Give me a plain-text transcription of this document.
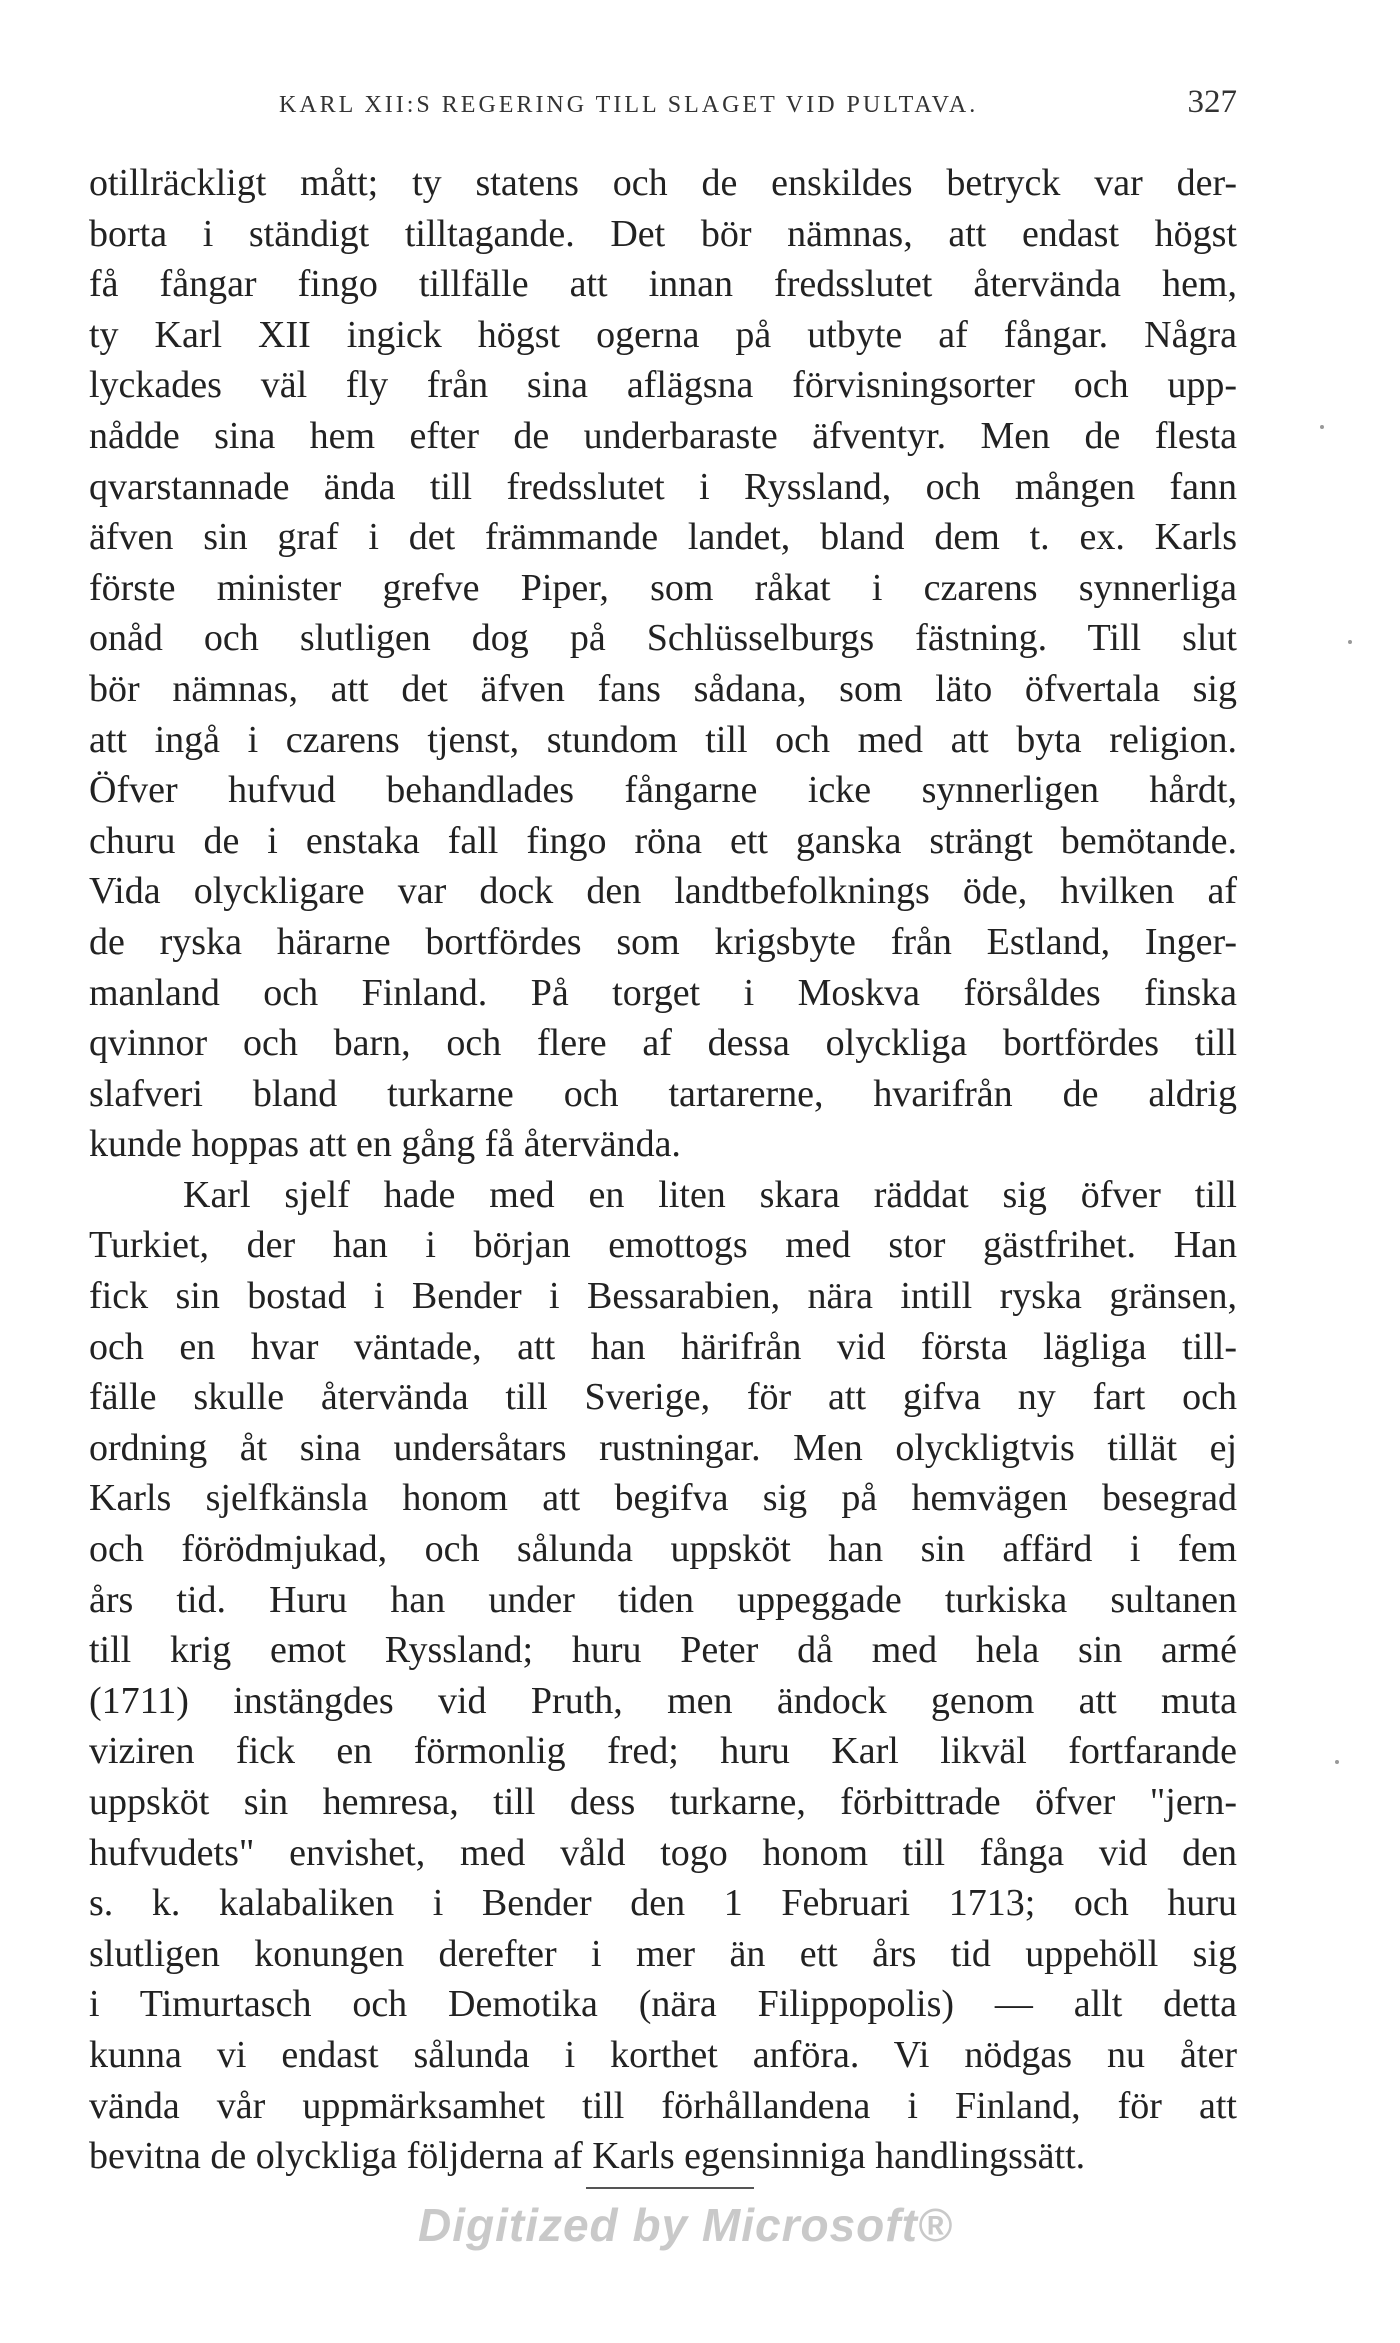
KARL XII:S REGERING TILL SLAGET VID PULTAVA.	327
otillräckligt mått; ty statens och de enskildes betryck var der-
borta i ständigt tilltagande. Det bör nämnas, att endast högst
få fångar fingo tillfälle att innan fredsslutet återvända hem,
ty Karl XII ingick högst ogerna på utbyte af fångar. Några
lyckades väl fly från sina aflägsna förvisningsorter och upp-
nådde sina hem efter de underbaraste äfventyr. Men de flesta
qvarstannade ända till fredsslutet i Ryssland, och mången fann
äfven sin graf i det främmande landet, bland dem t. ex. Karls
förste minister grefve Piper, som råkat i czarens synnerliga
onåd och slutligen dog på Schlüsselburgs fästning. Till slut
bör nämnas, att det äfven fans sådana, som läto öfvertala sig
att ingå i czarens tjenst, stundom till och med att byta religion.
Öfver hufvud behandlades fångarne icke synnerligen hårdt,
churu de i enstaka fall fingo röna ett ganska strängt bemötande.
Vida olyckligare var dock den landtbefolknings öde, hvilken af
de ryska härarne bortfördes som krigsbyte från Estland, Inger-
manland och Finland. På torget i Moskva försåldes finska
qvinnor och barn, och flere af dessa olyckliga bortfördes till
slafveri bland turkarne och tartarerne, hvarifrån de aldrig
kunde hoppas att en gång få återvända.
Karl sjelf hade med en liten skara räddat sig öfver till
Turkiet, der han i början emottogs med stor gästfrihet. Han
fick sin bostad i Bender i Bessarabien, nära intill ryska gränsen,
och en hvar väntade, att han härifrån vid första lägliga till-
fälle skulle återvända till Sverige, för att gifva ny fart och
ordning åt sina undersåtars rustningar. Men olyckligtvis tillät ej
Karls sjelfkänsla honom att begifva sig på hemvägen besegrad
och förödmjukad, och sålunda uppsköt han sin affärd i fem
års tid. Huru han under tiden uppeggade turkiska sultanen
till krig emot Ryssland; huru Peter då med hela sin armé
(1711) instängdes vid Pruth, men ändock genom att muta
viziren fick en förmonlig fred; huru Karl likväl fortfarande
uppsköt sin hemresa, till dess turkarne, förbittrade öfver "jern-
hufvudets" envishet, med våld togo honom till fånga vid den
s. k. kalabaliken i Bender den 1 Februari 1713; och huru
slutligen konungen derefter i mer än ett års tid uppehöll sig
i Timurtasch och Demotika (nära Filippopolis) — allt detta
kunna vi endast sålunda i korthet anföra. Vi nödgas nu åter
vända vår uppmärksamhet till förhållandena i Finland, för att
bevitna de olyckliga följderna af Karls egensinniga handlingssätt.
Digitized by Microsoft®
